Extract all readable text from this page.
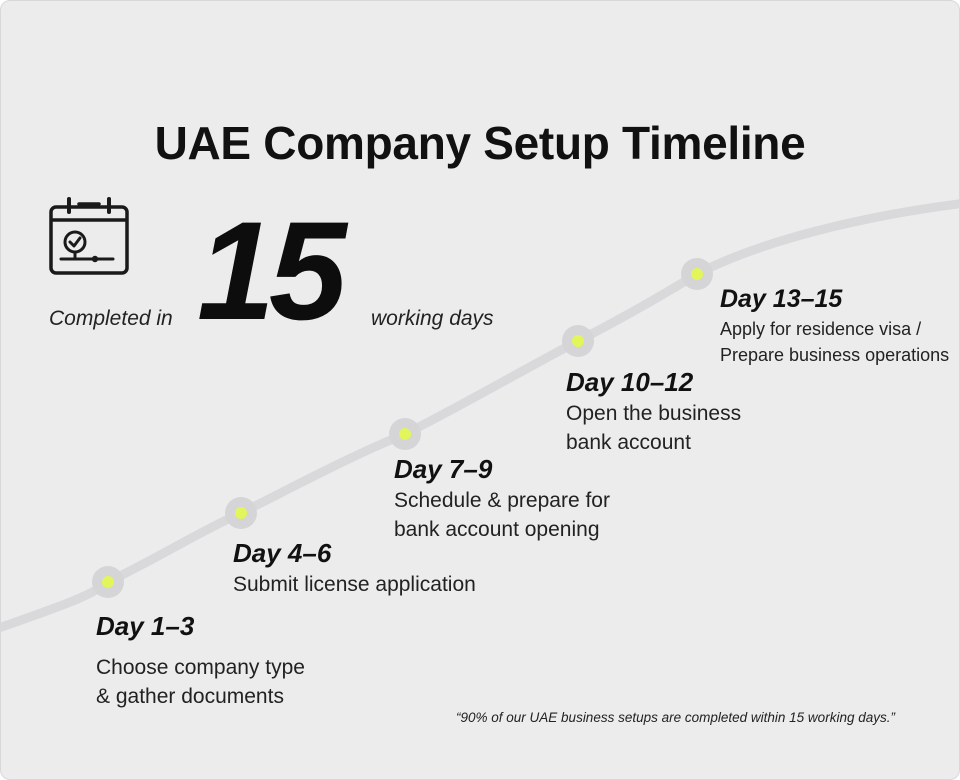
UAE Company Setup Timeline
Completed in 15 working days
Day 1–3
Choose company type
& gather documents
Day 4–6
Submit license application
Day 7–9
Schedule & prepare for
bank account opening
Day 10–12
Open the business
bank account
Day 13–15
Apply for residence visa /
Prepare business operations
“90% of our UAE business setups are completed within 15 working days.”
